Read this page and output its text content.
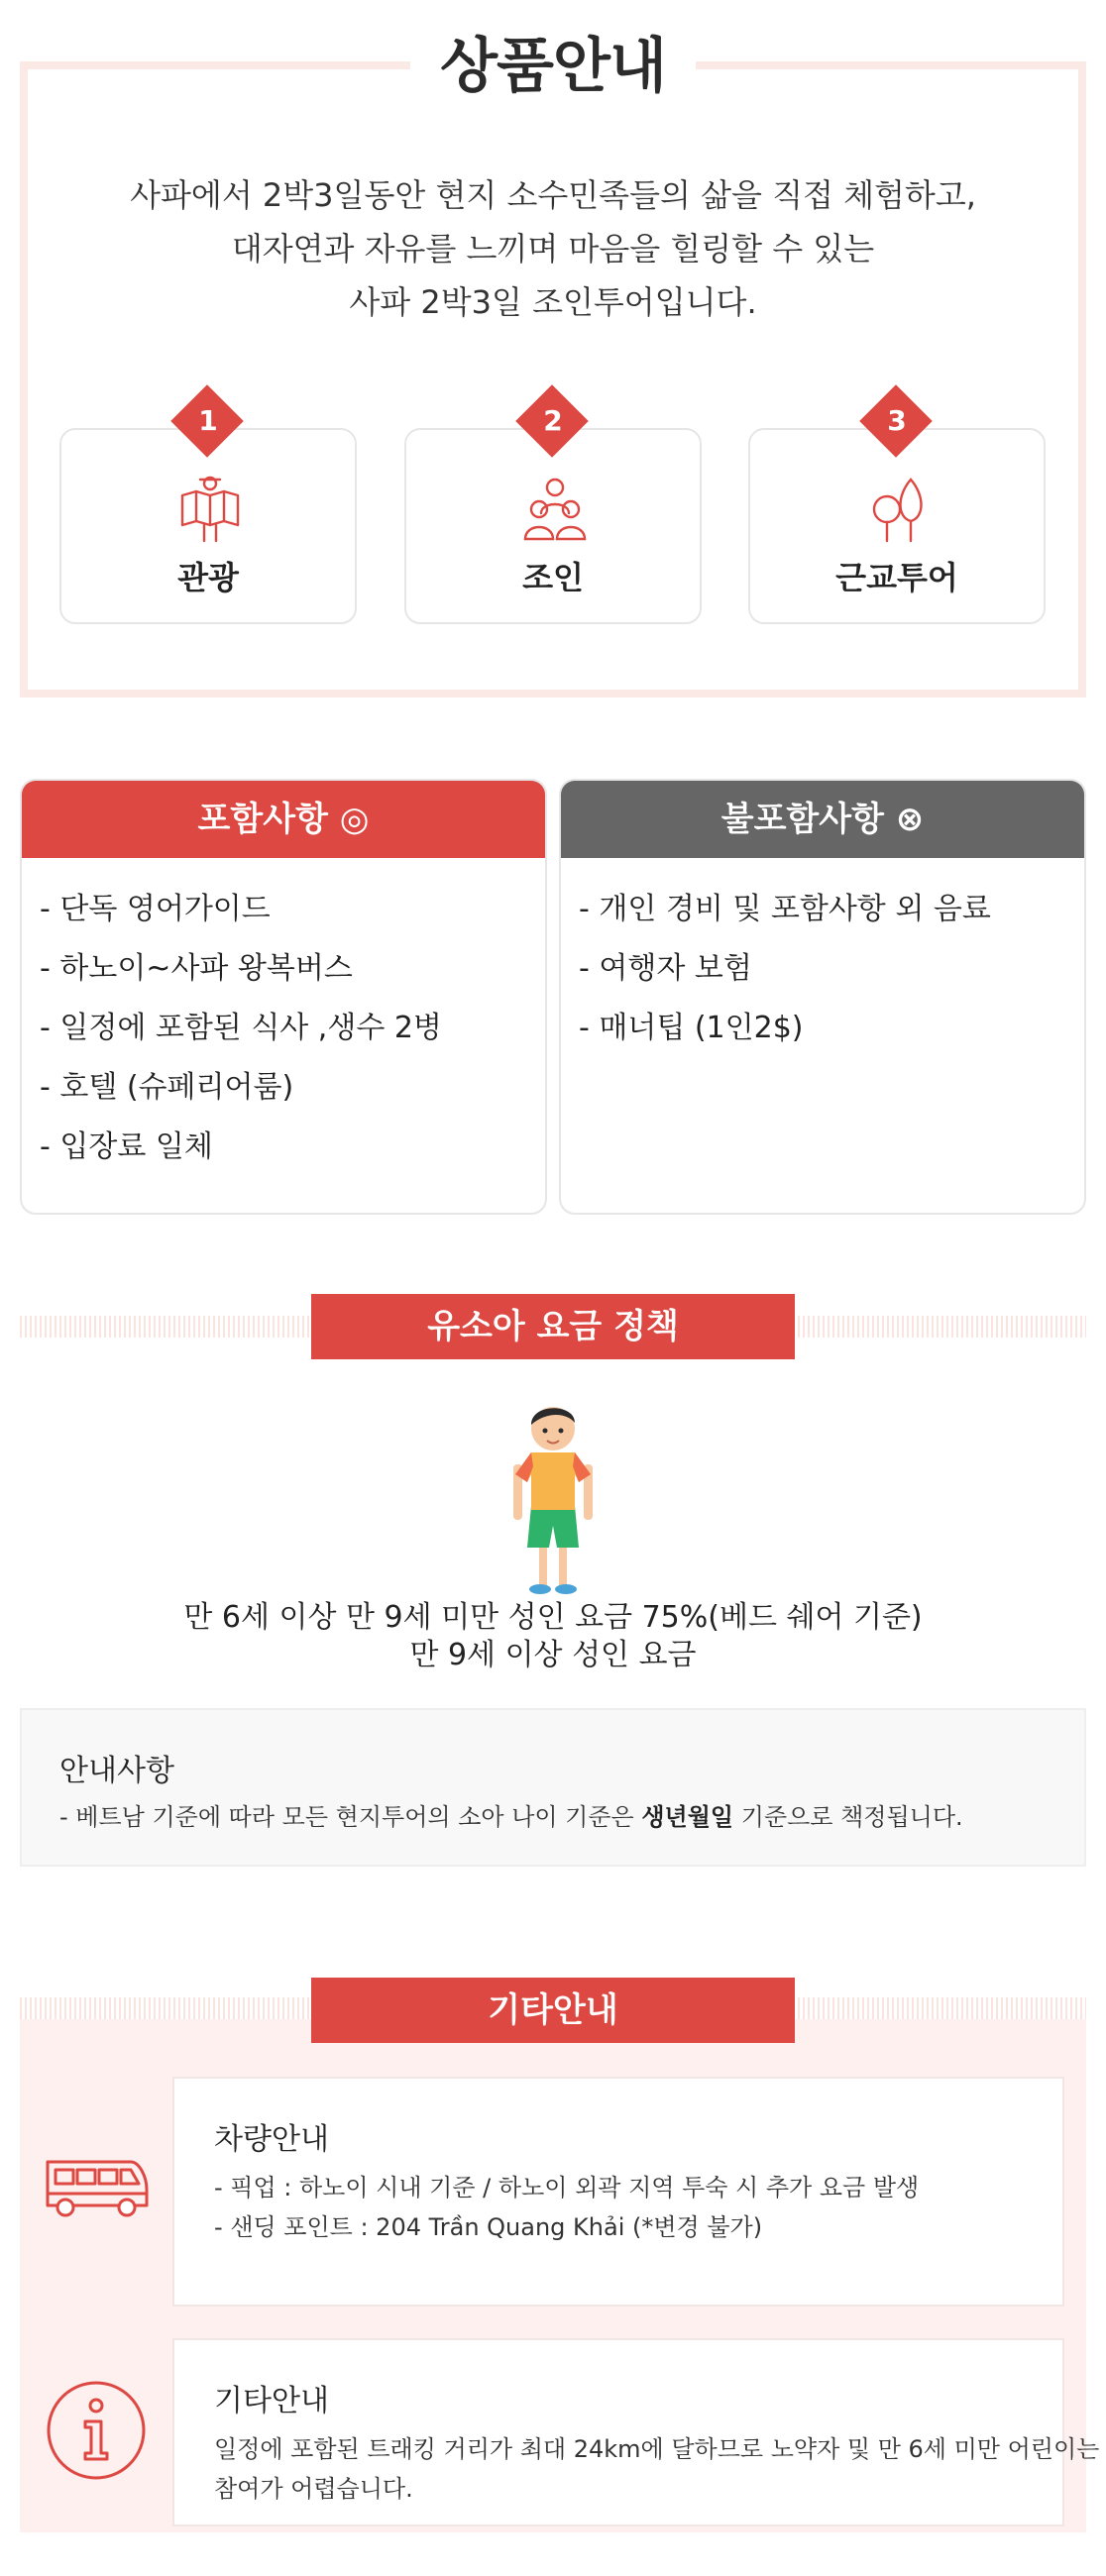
상품안내
사파에서 2박3일동안 현지 소수민족들의 삶을 직접 체험하고,
대자연과 자유를 느끼며 마음을 힐링할 수 있는
사파 2박3일 조인투어입니다.
1
관광
2
조인
3
근교투어
포함사항 ◎
- 단독 영어가이드
- 하노이~사파 왕복버스
- 일정에 포함된 식사 ,생수 2병
- 호텔 (슈페리어룸)
- 입장료 일체
불포함사항 ⊗
- 개인 경비 및 포함사항 외 음료
- 여행자 보험
- 매너팁 (1인2$)
유소아 요금 정책
만 6세 이상 만 9세 미만 성인 요금 75%(베드 쉐어 기준)
만 9세 이상 성인 요금
안내사항
- 베트남 기준에 따라 모든 현지투어의 소아 나이 기준은 생년월일 기준으로 책정됩니다.
기타안내
차량안내
- 픽업 : 하노이 시내 기준 / 하노이 외곽 지역 투숙 시 추가 요금 발생
- 샌딩 포인트 : 204 Trần Quang Khải (*변경 불가)
기타안내
일정에 포함된 트래킹 거리가 최대 24km에 달하므로 노약자 및 만 6세 미만 어린이는
참여가 어렵습니다.
